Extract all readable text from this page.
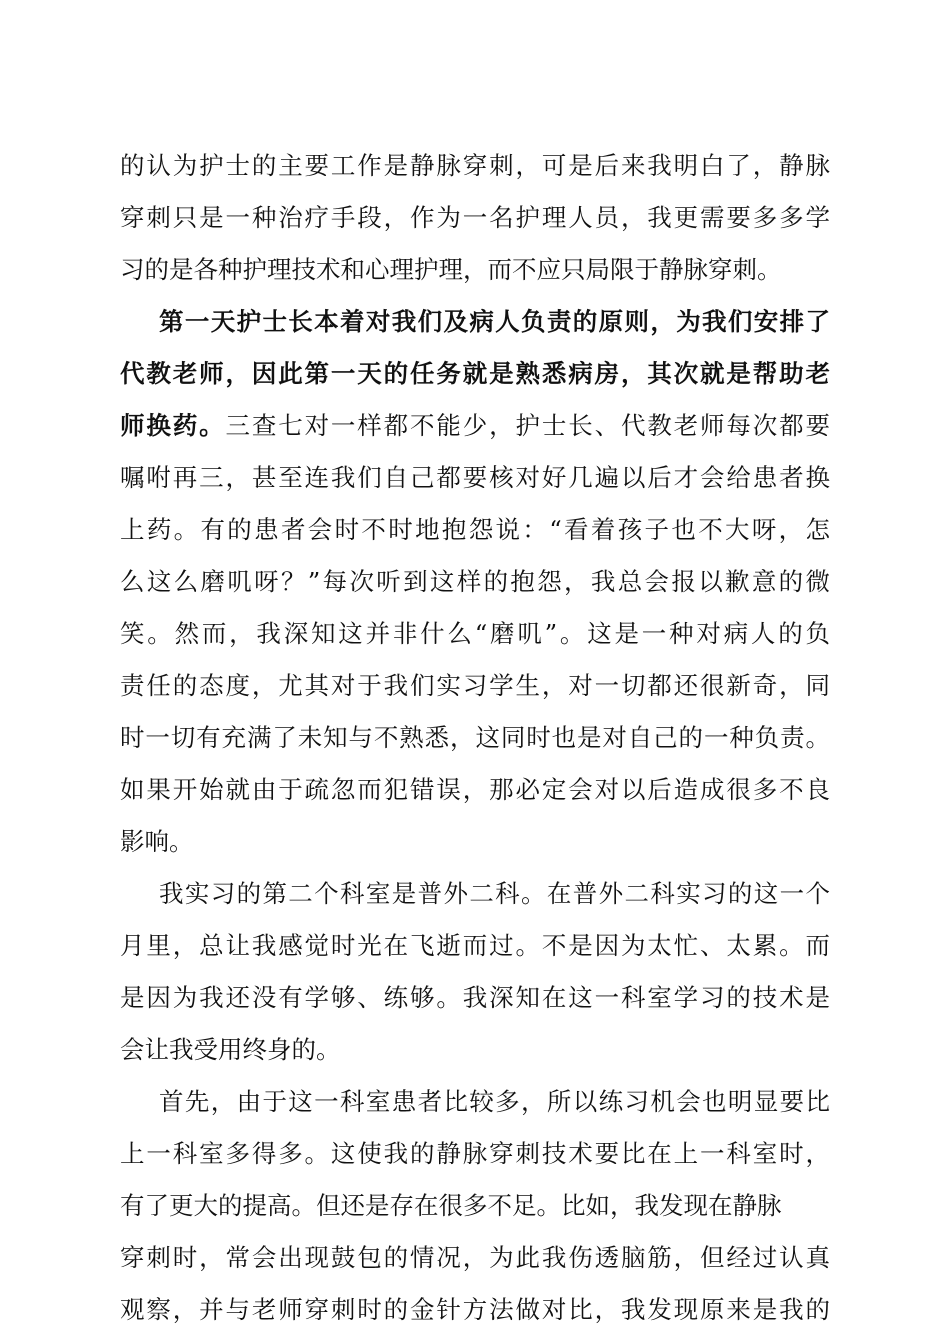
的认为护士的主要工作是静脉穿刺，可是后来我明白了，静脉
穿刺只是一种治疗手段，作为一名护理人员，我更需要多多学
习的是各种护理技术和心理护理，而不应只局限于静脉穿刺。
第一天护士长本着对我们及病人负责的原则，为我们安排了
代教老师，因此第一天的任务就是熟悉病房，其次就是帮助老
师换药。三查七对一样都不能少，护士长、代教老师每次都要
嘱咐再三，甚至连我们自己都要核对好几遍以后才会给患者换
上药。有的患者会时不时地抱怨说：“看着孩子也不大呀，怎
么这么磨叽呀？”每次听到这样的抱怨，我总会报以歉意的微
笑。然而，我深知这并非什么“磨叽”。这是一种对病人的负
责任的态度，尤其对于我们实习学生，对一切都还很新奇，同
时一切有充满了未知与不熟悉，这同时也是对自己的一种负责。
如果开始就由于疏忽而犯错误，那必定会对以后造成很多不良
影响。
我实习的第二个科室是普外二科。在普外二科实习的这一个
月里，总让我感觉时光在飞逝而过。不是因为太忙、太累。而
是因为我还没有学够、练够。我深知在这一科室学习的技术是
会让我受用终身的。
首先，由于这一科室患者比较多，所以练习机会也明显要比
上一科室多得多。这使我的静脉穿刺技术要比在上一科室时，
有了更大的提高。但还是存在很多不足。比如，我发现在静脉
穿刺时，常会出现鼓包的情况，为此我伤透脑筋，但经过认真
观察，并与老师穿刺时的金针方法做对比，我发现原来是我的
